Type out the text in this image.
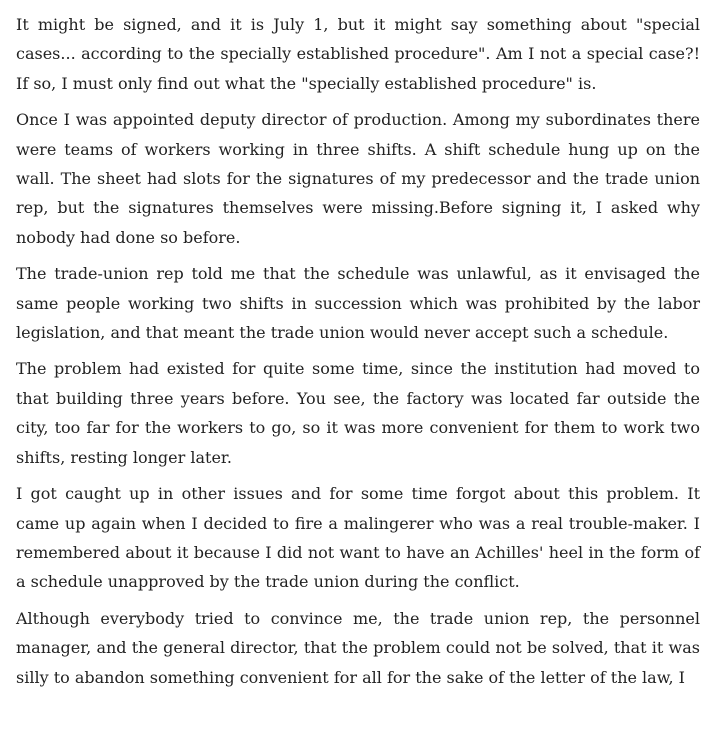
It might be signed, and it is July 1, but it might say something about "special cases... according to the specially established procedure". Am I not a special case?! If so, I must only find out what the "specially established procedure" is.

Once I was appointed deputy director of production. Among my subordinates there were teams of workers working in three shifts. A shift schedule hung up on the wall. The sheet had slots for the signatures of my predecessor and the trade union rep, but the signatures themselves were missing.Before signing it, I asked why nobody had done so before.

The trade-union rep told me that the schedule was unlawful, as it envisaged the same people working two shifts in succession which was prohibited by the labor legislation, and that meant the trade union would never accept such a schedule.

The problem had existed for quite some time, since the institution had moved to that building three years before. You see, the factory was located far outside the city, too far for the workers to go, so it was more convenient for them to work two shifts, resting longer later.

I got caught up in other issues and for some time forgot about this problem. It came up again when I decided to fire a malingerer who was a real trouble-maker. I remembered about it because I did not want to have an Achilles' heel in the form of a schedule unapproved by the trade union during the conflict.

Although everybody tried to convince me, the trade union rep, the personnel manager, and the general director, that the problem could not be solved, that it was silly to abandon something convenient for all for the sake of the letter of the law, I
